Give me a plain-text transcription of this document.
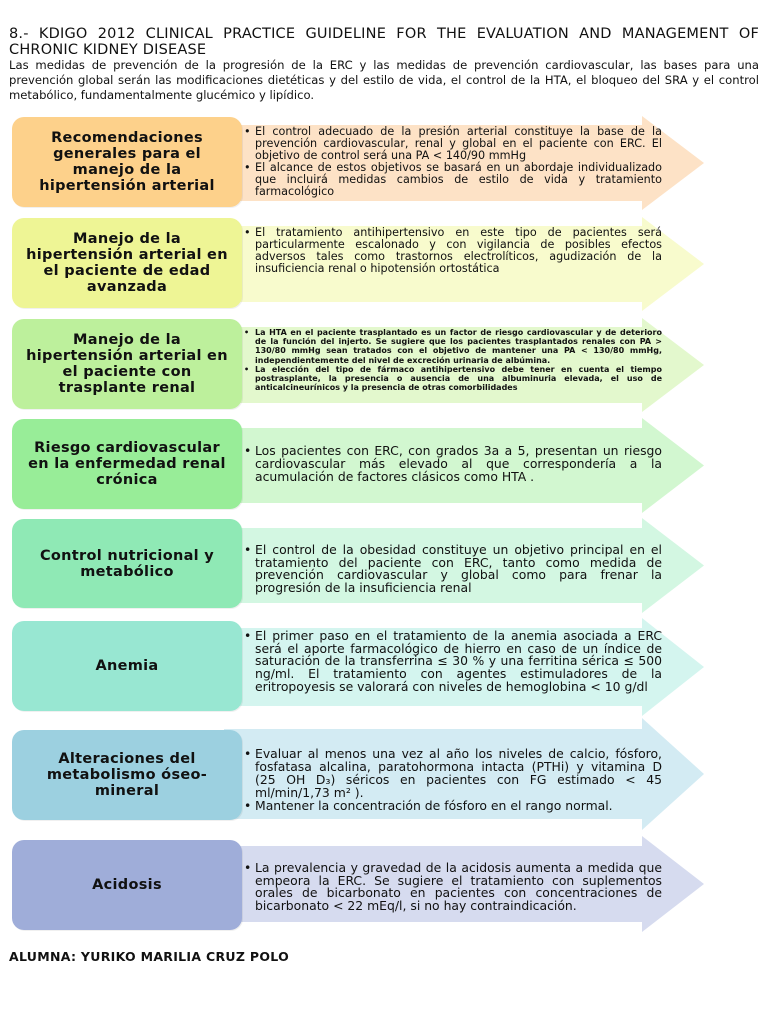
8.- KDIGO 2012 CLINICAL PRACTICE GUIDELINE FOR THE EVALUATION AND MANAGEMENT OF CHRONIC KIDNEY DISEASE

Las medidas de prevención de la progresión de la ERC y las medidas de prevención cardiovascular, las bases para una prevención global serán las modificaciones dietéticas y del estilo de vida, el control de la HTA, el bloqueo del SRA y el control metabólico, fundamentalmente glucémico y lipídico.

Recomendaciones generales para el manejo de la hipertensión arterial
• El control adecuado de la presión arterial constituye la base de la prevención cardiovascular, renal y global en el paciente con ERC. El objetivo de control será una PA < 140/90 mmHg
• El alcance de estos objetivos se basará en un abordaje individualizado que incluirá medidas cambios de estilo de vida y tratamiento farmacológico
Manejo de la hipertensión arterial en el paciente de edad avanzada
• El tratamiento antihipertensivo en este tipo de pacientes será particularmente escalonado y con vigilancia de posibles efectos adversos tales como trastornos electrolíticos, agudización de la insuficiencia renal o hipotensión ortostática
Manejo de la hipertensión arterial en el paciente con trasplante renal
• La HTA en el paciente trasplantado es un factor de riesgo cardiovascular y de deterioro de la función del injerto. Se sugiere que los pacientes trasplantados renales con PA > 130/80 mmHg sean tratados con el objetivo de mantener una PA < 130/80 mmHg, independientemente del nivel de excreción urinaria de albúmina.
• La elección del tipo de fármaco antihipertensivo debe tener en cuenta el tiempo postrasplante, la presencia o ausencia de una albuminuria elevada, el uso de anticalcineurínicos y la presencia de otras comorbilidades
Riesgo cardiovascular en la enfermedad renal crónica
• Los pacientes con ERC, con grados 3a a 5, presentan un riesgo cardiovascular más elevado al que correspondería a la acumulación de factores clásicos como HTA .
Control nutricional y metabólico
• El control de la obesidad constituye un objetivo principal en el tratamiento del paciente con ERC, tanto como medida de prevención cardiovascular y global como para frenar la progresión de la insuficiencia renal
Anemia
• El primer paso en el tratamiento de la anemia asociada a ERC será el aporte farmacológico de hierro en caso de un índice de saturación de la transferrina ≤ 30 % y una ferritina sérica ≤ 500 ng/ml. El tratamiento con agentes estimuladores de la eritropoyesis se valorará con niveles de hemoglobina < 10 g/dl
Alteraciones del metabolismo óseo-mineral
• Evaluar al menos una vez al año los niveles de calcio, fósforo, fosfatasa alcalina, paratohormona intacta (PTHi) y vitamina D (25 OH D₃) séricos en pacientes con FG estimado < 45 ml/min/1,73 m² ).
• Mantener la concentración de fósforo en el rango normal.
Acidosis
• La prevalencia y gravedad de la acidosis aumenta a medida que empeora la ERC. Se sugiere el tratamiento con suplementos orales de bicarbonato en pacientes con concentraciones de bicarbonato < 22 mEq/l, si no hay contraindicación.

ALUMNA: YURIKO MARILIA CRUZ POLO
